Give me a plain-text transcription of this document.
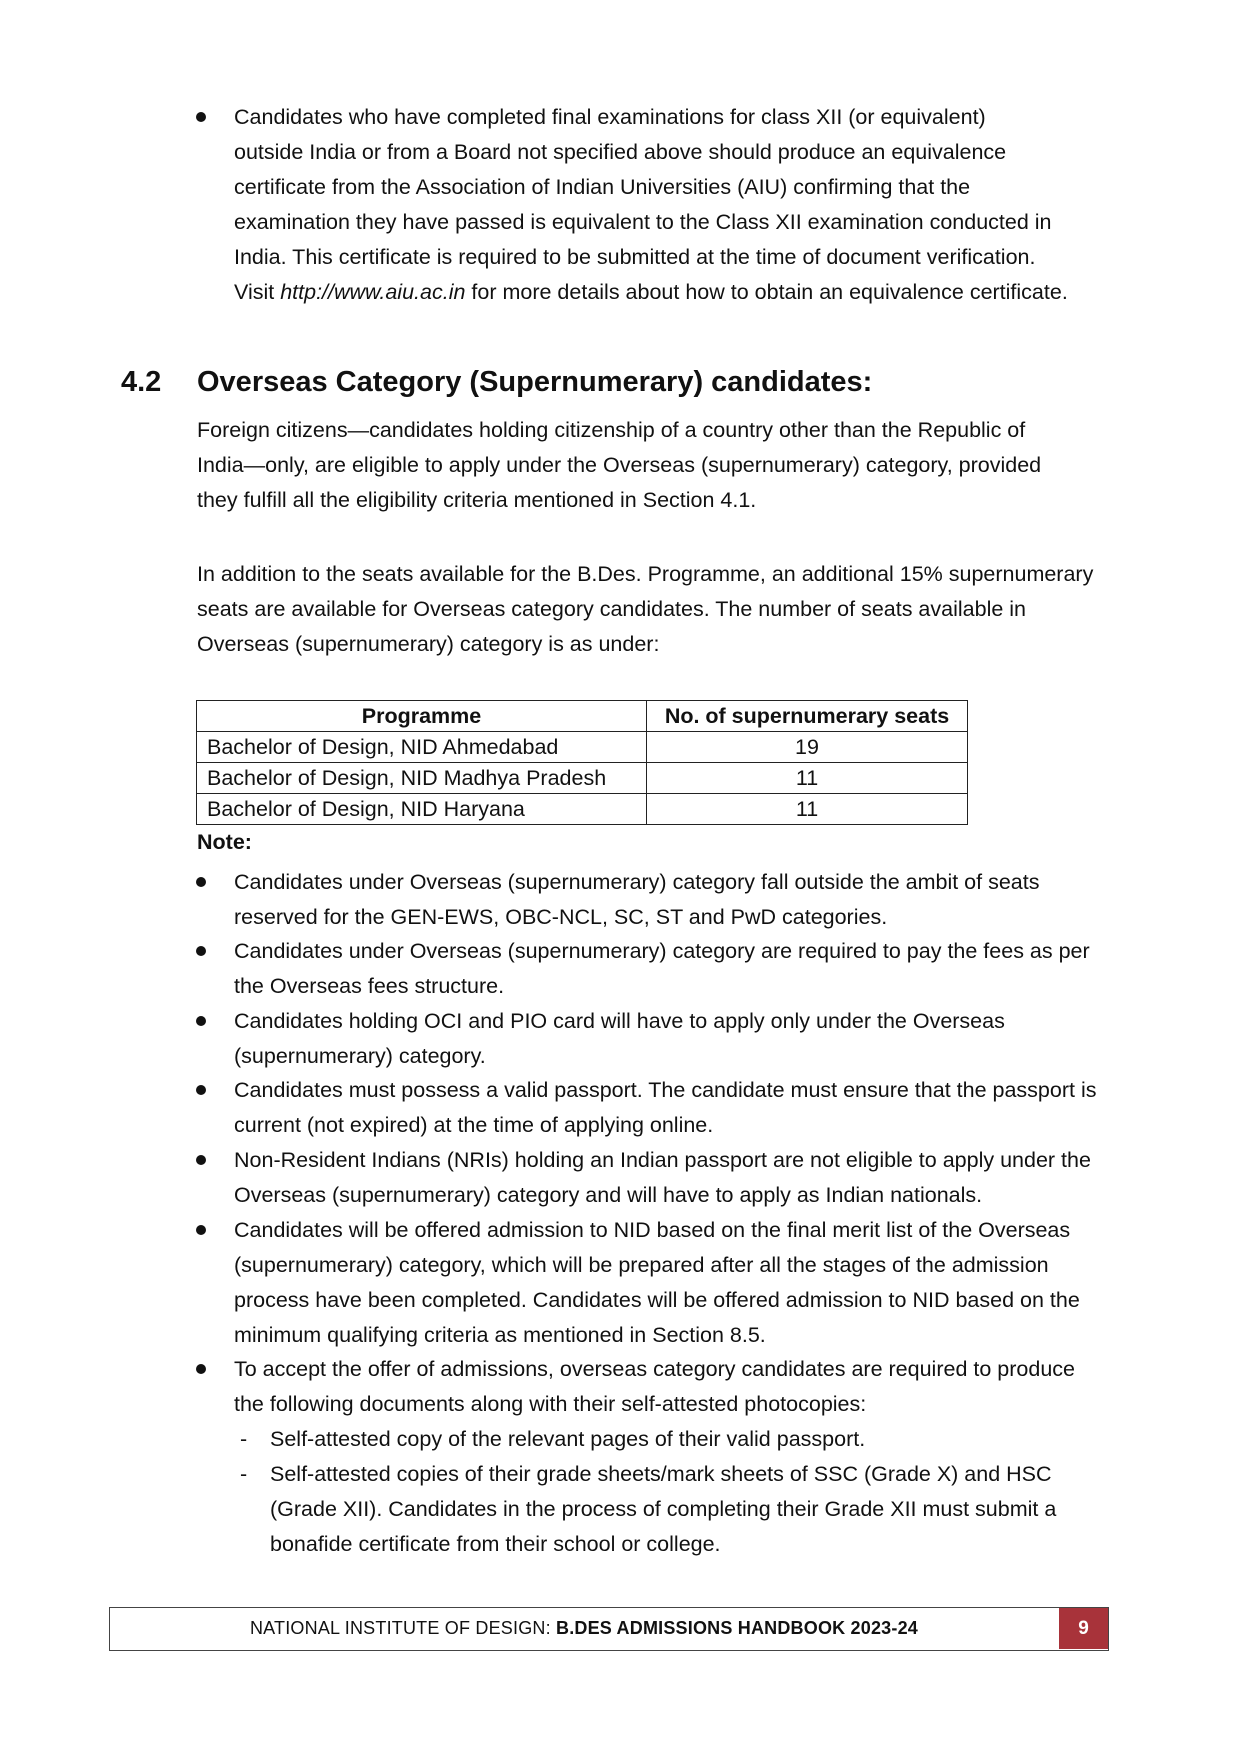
Candidates who have completed final examinations for class XII (or equivalent)
outside India or from a Board not specified above should produce an equivalence
certificate from the Association of Indian Universities (AIU) confirming that the
examination they have passed is equivalent to the Class XII examination conducted in
India. This certificate is required to be submitted at the time of document verification.
Visit http://www.aiu.ac.in for more details about how to obtain an equivalence certificate.
4.2 Overseas Category (Supernumerary) candidates:
Foreign citizens—candidates holding citizenship of a country other than the Republic of
India—only, are eligible to apply under the Overseas (supernumerary) category, provided
they fulfill all the eligibility criteria mentioned in Section 4.1.
In addition to the seats available for the B.Des. Programme, an additional 15% supernumerary
seats are available for Overseas category candidates. The number of seats available in
Overseas (supernumerary) category is as under:
Programme	No. of supernumerary seats
Bachelor of Design, NID Ahmedabad	19
Bachelor of Design, NID Madhya Pradesh	11
Bachelor of Design, NID Haryana	11
Note:
Candidates under Overseas (supernumerary) category fall outside the ambit of seats
reserved for the GEN-EWS, OBC-NCL, SC, ST and PwD categories.
Candidates under Overseas (supernumerary) category are required to pay the fees as per
the Overseas fees structure.
Candidates holding OCI and PIO card will have to apply only under the Overseas
(supernumerary) category.
Candidates must possess a valid passport. The candidate must ensure that the passport is
current (not expired) at the time of applying online.
Non-Resident Indians (NRIs) holding an Indian passport are not eligible to apply under the
Overseas (supernumerary) category and will have to apply as Indian nationals.
Candidates will be offered admission to NID based on the final merit list of the Overseas
(supernumerary) category, which will be prepared after all the stages of the admission
process have been completed. Candidates will be offered admission to NID based on the
minimum qualifying criteria as mentioned in Section 8.5.
To accept the offer of admissions, overseas category candidates are required to produce
the following documents along with their self-attested photocopies:
- Self-attested copy of the relevant pages of their valid passport.
- Self-attested copies of their grade sheets/mark sheets of SSC (Grade X) and HSC
(Grade XII). Candidates in the process of completing their Grade XII must submit a
bonafide certificate from their school or college.
NATIONAL INSTITUTE OF DESIGN: B.DES ADMISSIONS HANDBOOK 2023-24	9
